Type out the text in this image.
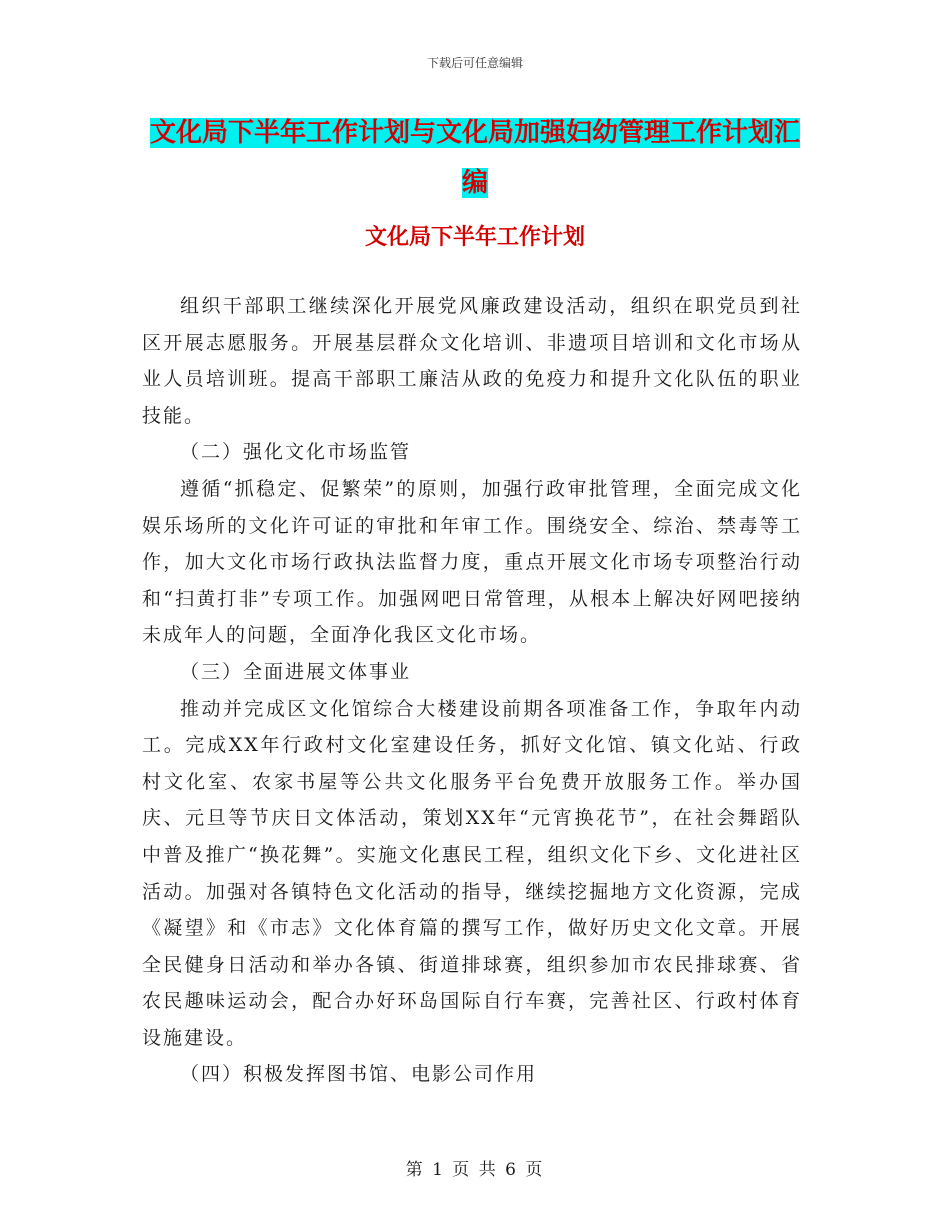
下载后可任意编辑
文化局下半年工作计划与文化局加强妇幼管理工作计划汇编
文化局下半年工作计划

组织干部职工继续深化开展党风廉政建设活动，组织在职党员到社区开展志愿服务。开展基层群众文化培训、非遗项目培训和文化市场从业人员培训班。提高干部职工廉洁从政的免疫力和提升文化队伍的职业技能。

（二）强化文化市场监管

遵循“抓稳定、促繁荣”的原则，加强行政审批管理，全面完成文化娱乐场所的文化许可证的审批和年审工作。围绕安全、综治、禁毒等工作，加大文化市场行政执法监督力度，重点开展文化市场专项整治行动和“扫黄打非”专项工作。加强网吧日常管理，从根本上解决好网吧接纳未成年人的问题，全面净化我区文化市场。

（三）全面进展文体事业

推动并完成区文化馆综合大楼建设前期各项准备工作，争取年内动工。完成XX年行政村文化室建设任务，抓好文化馆、镇文化站、行政村文化室、农家书屋等公共文化服务平台免费开放服务工作。举办国庆、元旦等节庆日文体活动，策划XX年“元宵换花节”，在社会舞蹈队中普及推广“换花舞”。实施文化惠民工程，组织文化下乡、文化进社区活动。加强对各镇特色文化活动的指导，继续挖掘地方文化资源，完成《凝望》和《市志》文化体育篇的撰写工作，做好历史文化文章。开展全民健身日活动和举办各镇、街道排球赛，组织参加市农民排球赛、省农民趣味运动会，配合办好环岛国际自行车赛，完善社区、行政村体育设施建设。

（四）积极发挥图书馆、电影公司作用

第 1 页 共 6 页
